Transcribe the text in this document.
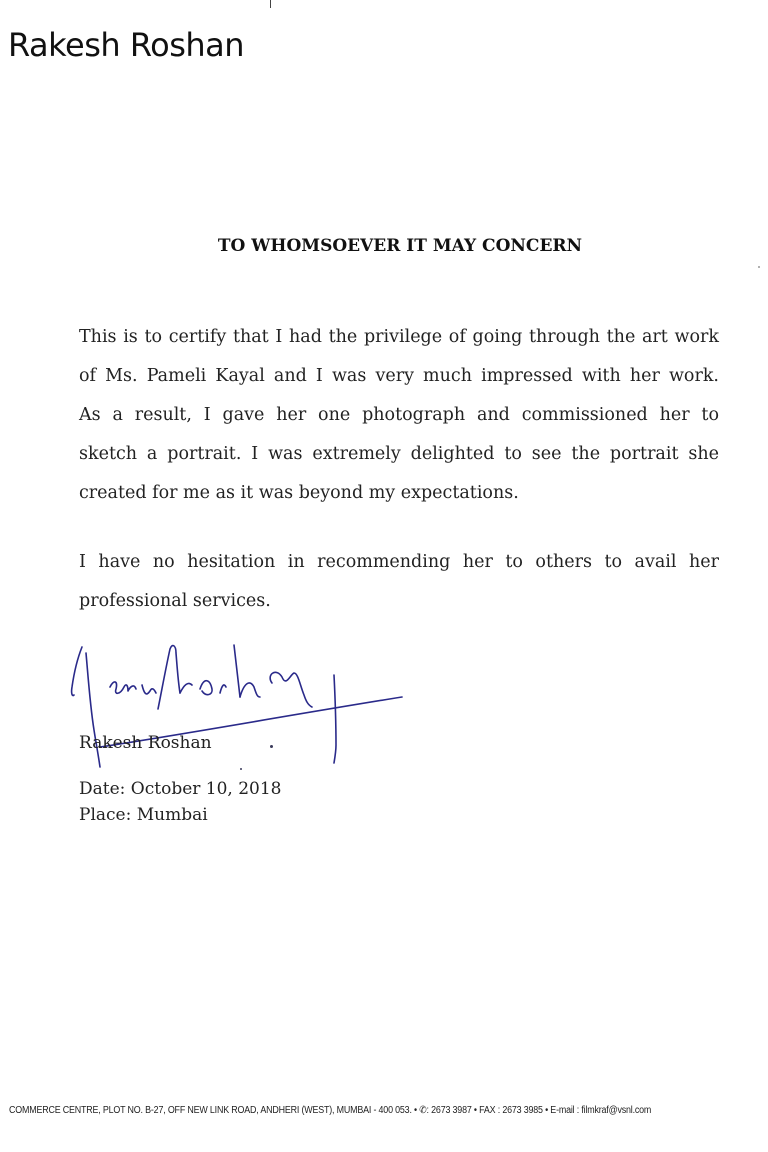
Rakesh Roshan
TO WHOMSOEVER IT MAY CONCERN
This is to certify that I had the privilege of going through the art work
of Ms. Pameli Kayal and I was very much impressed with her work.
As a result, I gave her one photograph and commissioned her to
sketch a portrait. I was extremely delighted to see the portrait she
created for me as it was beyond my expectations.
I have no hesitation in recommending her to others to avail her
professional services.
Rakesh Roshan
Date: October 10, 2018
Place: Mumbai
COMMERCE CENTRE, PLOT NO. B-27, OFF NEW LINK ROAD, ANDHERI (WEST), MUMBAI - 400 053. • ✆: 2673 3987 • FAX : 2673 3985 • E-mail : filmkraf@vsnl.com
